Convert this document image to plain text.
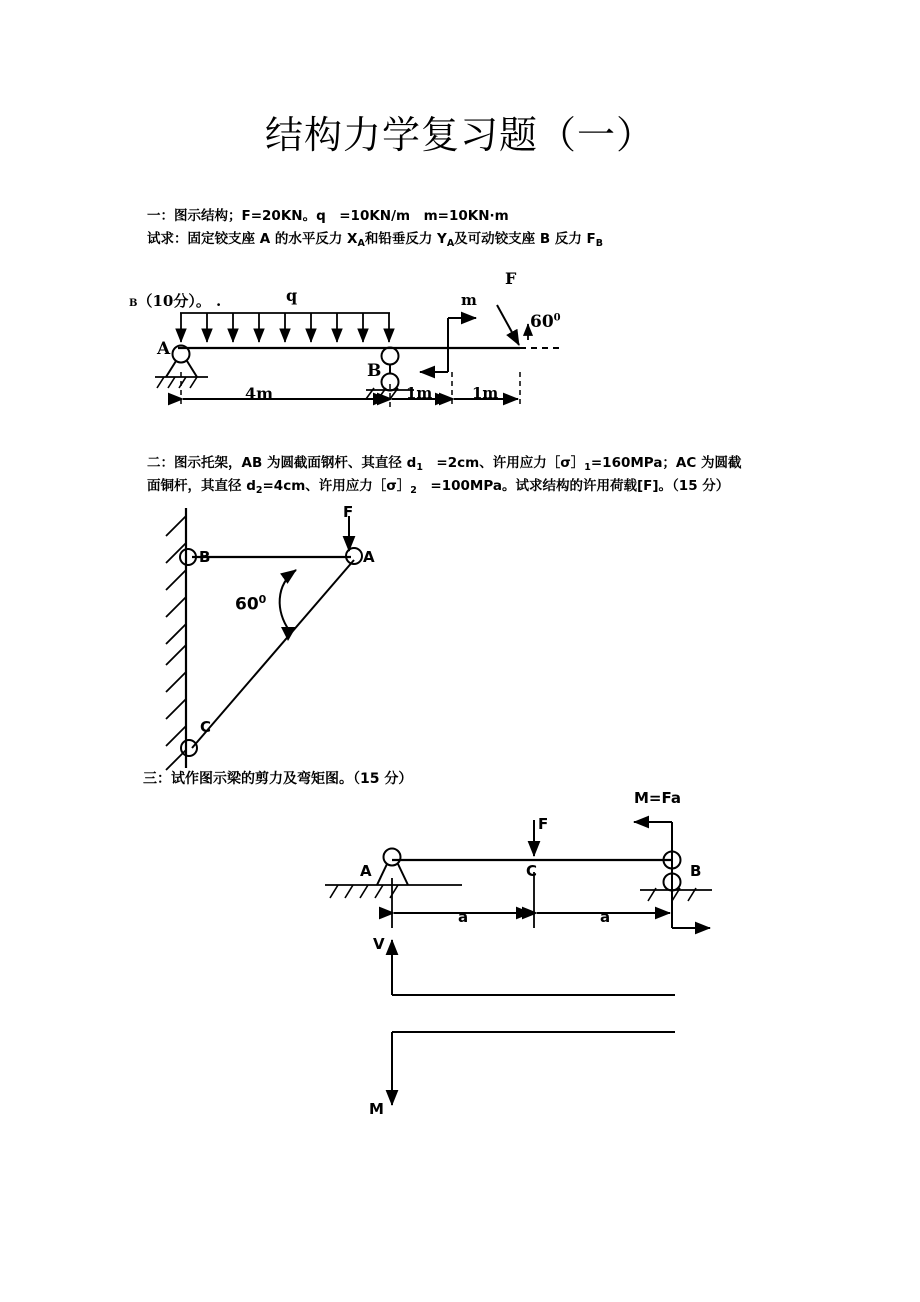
结构力学复习题（一）
一：图示结构；F=20KN。q　=10KN/m　m=10KN·m
试求：固定铰支座 A 的水平反力 $X_A$和铅垂反力 $Y_A$及可动铰支座 B 反力 $F_B$
B（10分）。 .
A
B
q	m
F
$60^0$
4m	1m	1m
二：图示托架，AB 为圆截面钢杆、其直径 $d_1$　=2cm、许用应力$[\sigma]_1=160MPa$；AC 为圆截
面铜杆，其直径 $d_2=4cm$、许用应力$[\sigma]_2$　=100MPa。试求结构的许用荷载[F]。（15 分）
B
C
A
F
$60^0$
三：试作图示梁的剪力及弯矩图。（15 分）
A	B
C
F
M=Fa
a	a
V
M
